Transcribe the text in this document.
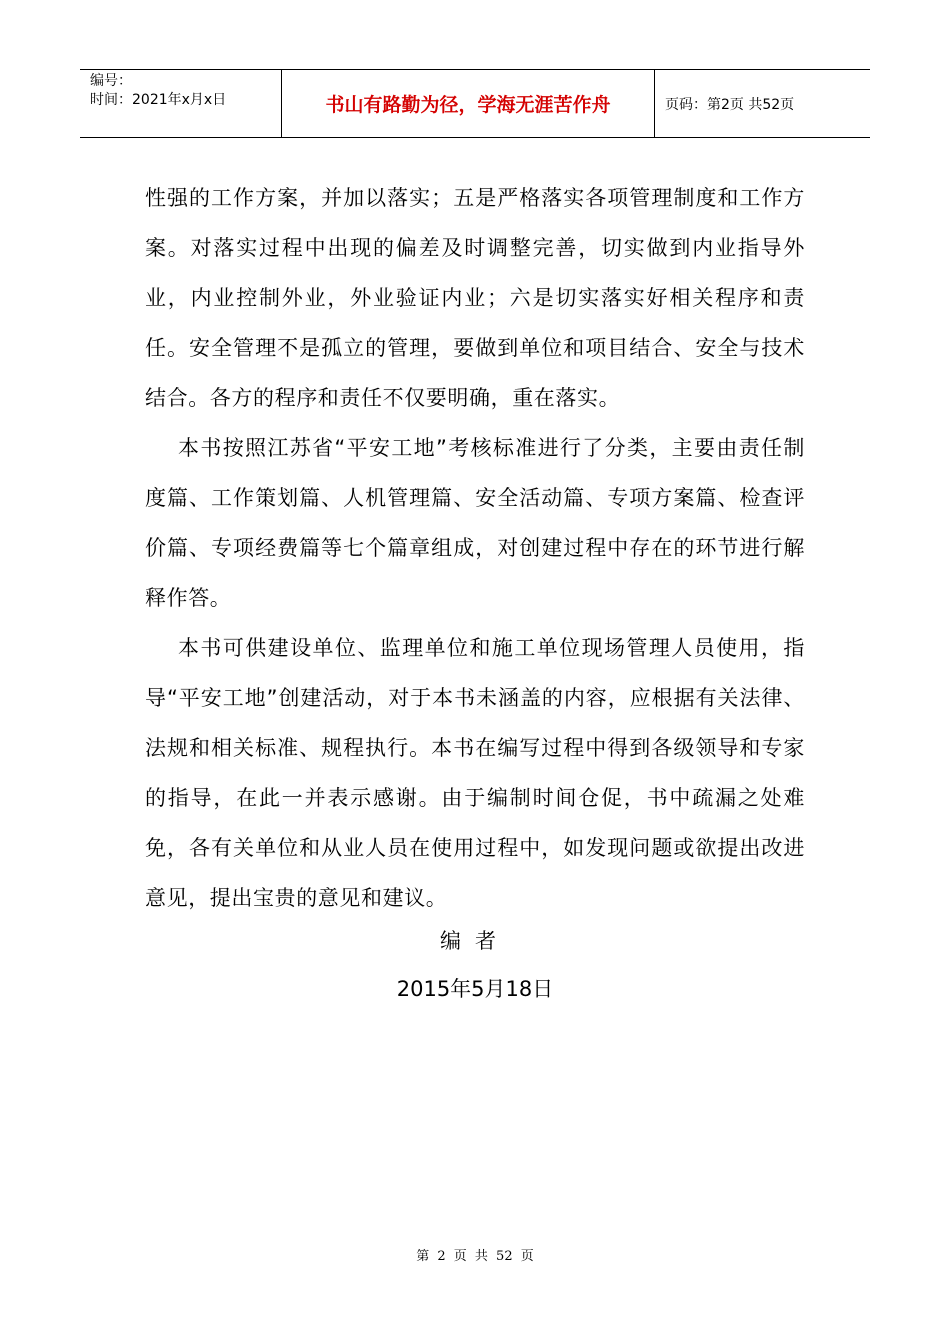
编号：
时间：2021年x月x日	书山有路勤为径，学海无涯苦作舟	页码：第2页 共52页

性强的工作方案，并加以落实；五是严格落实各项管理制度和工作方案。对落实过程中出现的偏差及时调整完善，切实做到内业指导外业，内业控制外业，外业验证内业；六是切实落实好相关程序和责任。安全管理不是孤立的管理，要做到单位和项目结合、安全与技术结合。各方的程序和责任不仅要明确，重在落实。

本书按照江苏省“平安工地”考核标准进行了分类，主要由责任制度篇、工作策划篇、人机管理篇、安全活动篇、专项方案篇、检查评价篇、专项经费篇等七个篇章组成，对创建过程中存在的环节进行解释作答。

本书可供建设单位、监理单位和施工单位现场管理人员使用，指导“平安工地”创建活动，对于本书未涵盖的内容，应根据有关法律、法规和相关标准、规程执行。本书在编写过程中得到各级领导和专家的指导，在此一并表示感谢。由于编制时间仓促，书中疏漏之处难免，各有关单位和从业人员在使用过程中，如发现问题或欲提出改进意见，提出宝贵的意见和建议。

编者
2015年5月18日
第 2 页 共 52 页
